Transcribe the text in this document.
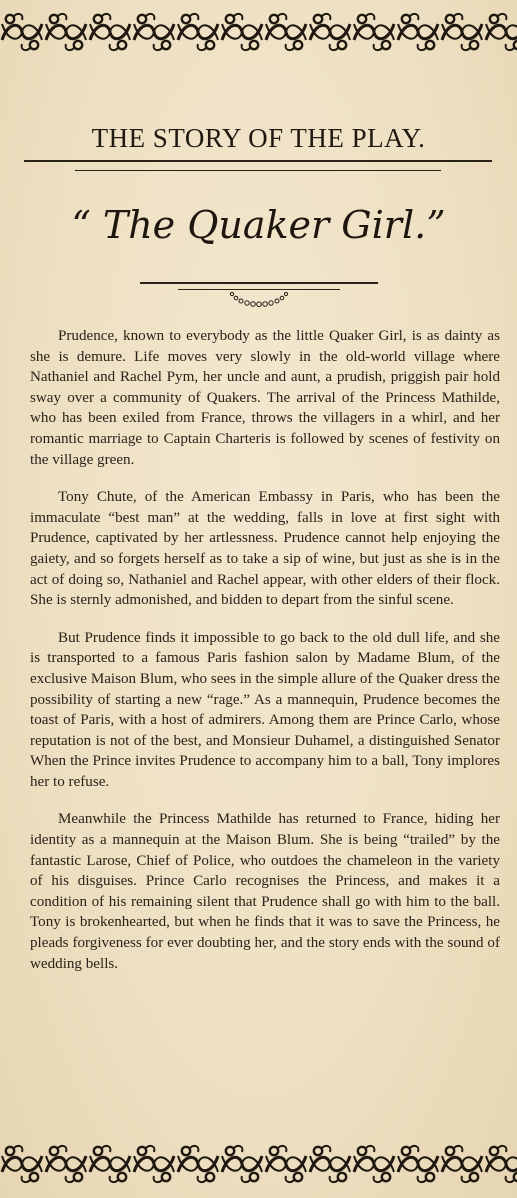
THE STORY OF THE PLAY.
“ The Quaker Girl.”

Prudence, known to everybody as the little Quaker Girl, is as dainty as she is demure. Life moves very slowly in the old-world village where Nathaniel and Rachel Pym, her uncle and aunt, a prudish, priggish pair hold sway over a community of Quakers. The arrival of the Princess Mathilde, who has been exiled from France, throws the villagers in a whirl, and her romantic marriage to Captain Charteris is followed by scenes of festivity on the village green.

Tony Chute, of the American Embassy in Paris, who has been the immaculate “best man” at the wedding, falls in love at first sight with Prudence, captivated by her artlessness. Prudence cannot help enjoying the gaiety, and so forgets herself as to take a sip of wine, but just as she is in the act of doing so, Nathaniel and Rachel appear, with other elders of their flock. She is sternly admonished, and bidden to depart from the sinful scene.

But Prudence finds it impossible to go back to the old dull life, and she is transported to a famous Paris fashion salon by Madame Blum, of the exclusive Maison Blum, who sees in the simple allure of the Quaker dress the possibility of starting a new “rage.” As a mannequin, Prudence becomes the toast of Paris, with a host of admirers. Among them are Prince Carlo, whose reputation is not of the best, and Monsieur Duhamel, a distinguished Senator When the Prince invites Prudence to accompany him to a ball, Tony implores her to refuse.

Meanwhile the Princess Mathilde has returned to France, hiding her identity as a mannequin at the Maison Blum. She is being “trailed” by the fantastic Larose, Chief of Police, who outdoes the chameleon in the variety of his disguises. Prince Carlo recognises the Princess, and makes it a condition of his remaining silent that Prudence shall go with him to the ball. Tony is brokenhearted, but when he finds that it was to save the Princess, he pleads forgiveness for ever doubting her, and the story ends with the sound of wedding bells.
